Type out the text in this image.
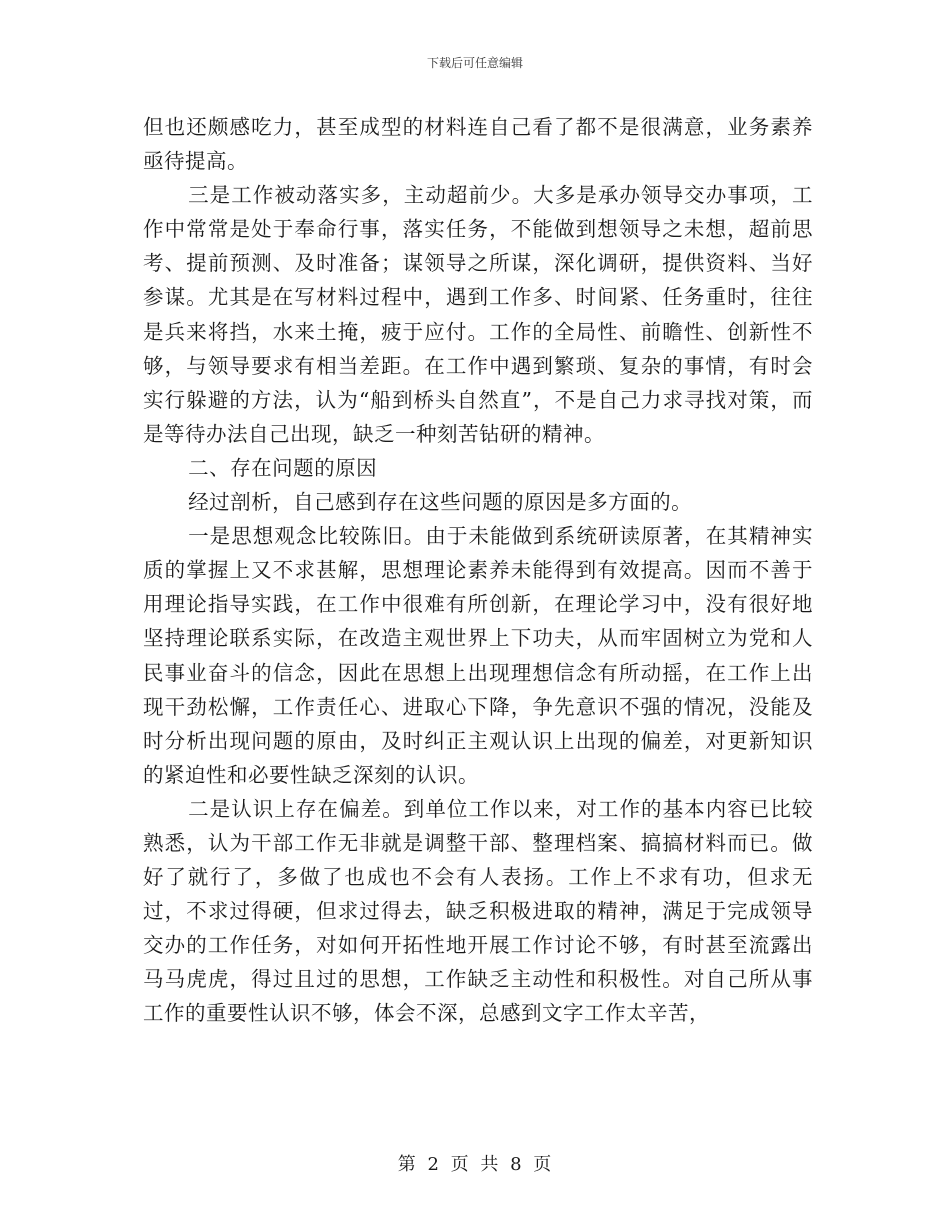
下载后可任意编辑

但也还颇感吃力，甚至成型的材料连自己看了都不是很满意，业务素养亟待提高。

三是工作被动落实多，主动超前少。大多是承办领导交办事项，工作中常常是处于奉命行事，落实任务，不能做到想领导之未想，超前思考、提前预测、及时准备；谋领导之所谋，深化调研，提供资料、当好参谋。尤其是在写材料过程中，遇到工作多、时间紧、任务重时，往往是兵来将挡，水来土掩，疲于应付。工作的全局性、前瞻性、创新性不够，与领导要求有相当差距。在工作中遇到繁琐、复杂的事情，有时会实行躲避的方法，认为“船到桥头自然直”，不是自己力求寻找对策，而是等待办法自己出现，缺乏一种刻苦钻研的精神。

二、存在问题的原因

经过剖析，自己感到存在这些问题的原因是多方面的。

一是思想观念比较陈旧。由于未能做到系统研读原著，在其精神实质的掌握上又不求甚解，思想理论素养未能得到有效提高。因而不善于用理论指导实践，在工作中很难有所创新，在理论学习中，没有很好地坚持理论联系实际，在改造主观世界上下功夫，从而牢固树立为党和人民事业奋斗的信念，因此在思想上出现理想信念有所动摇，在工作上出现干劲松懈，工作责任心、进取心下降，争先意识不强的情况，没能及时分析出现问题的原由，及时纠正主观认识上出现的偏差，对更新知识的紧迫性和必要性缺乏深刻的认识。

二是认识上存在偏差。到单位工作以来，对工作的基本内容已比较熟悉，认为干部工作无非就是调整干部、整理档案、搞搞材料而已。做好了就行了，多做了也成也不会有人表扬。工作上不求有功，但求无过，不求过得硬，但求过得去，缺乏积极进取的精神，满足于完成领导交办的工作任务，对如何开拓性地开展工作讨论不够，有时甚至流露出马马虎虎，得过且过的思想，工作缺乏主动性和积极性。对自己所从事工作的重要性认识不够，体会不深，总感到文字工作太辛苦，

第 2 页 共 8 页
